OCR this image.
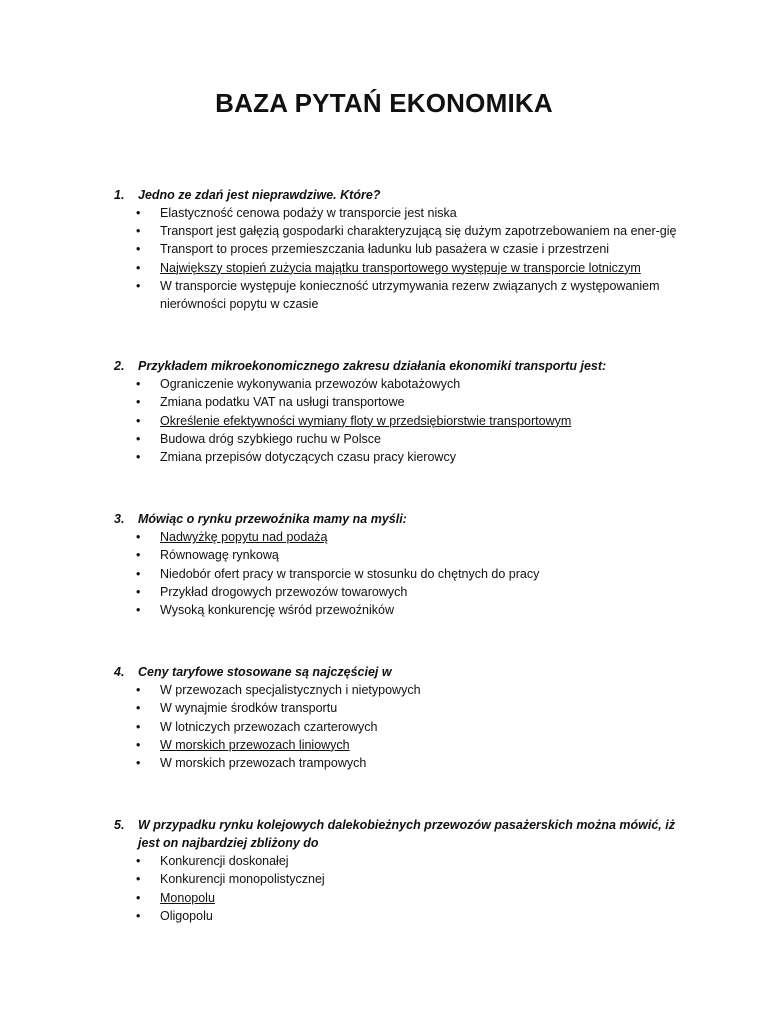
BAZA PYTAŃ EKONOMIKA
1. Jedno ze zdań jest nieprawdziwe. Które?
• Elastyczność cenowa podaży w transporcie jest niska
• Transport jest gałęzią gospodarki charakteryzującą się dużym zapotrzebowaniem na ener-gię
• Transport to proces przemieszczania ładunku lub pasażera w czasie i przestrzeni
• Największy stopień zużycia majątku transportowego występuje w transporcie lotniczym
• W transporcie występuje konieczność utrzymywania rezerw związanych z występowaniem nierówności popytu w czasie
2. Przykładem mikroekonomicznego zakresu działania ekonomiki transportu jest:
• Ograniczenie wykonywania przewozów kabotażowych
• Zmiana podatku VAT na usługi transportowe
• Określenie efektywności wymiany floty w przedsiębiorstwie transportowym
• Budowa dróg szybkiego ruchu w Polsce
• Zmiana przepisów dotyczących czasu pracy kierowcy
3. Mówiąc o rynku przewoźnika mamy na myśli:
• Nadwyżkę popytu nad podażą
• Równowagę rynkową
• Niedobór ofert pracy w transporcie w stosunku do chętnych do pracy
• Przykład drogowych przewozów towarowych
• Wysoką konkurencję wśród przewoźników
4. Ceny taryfowe stosowane są najczęściej w
• W przewozach specjalistycznych i nietypowych
• W wynajmie środków transportu
• W lotniczych przewozach czarterowych
• W morskich przewozach liniowych
• W morskich przewozach trampowych
5. W przypadku rynku kolejowych dalekobieżnych przewozów pasażerskich można mówić, iż jest on najbardziej zbliżony do
• Konkurencji doskonałej
• Konkurencji monopolistycznej
• Monopolu
• Oligopolu
